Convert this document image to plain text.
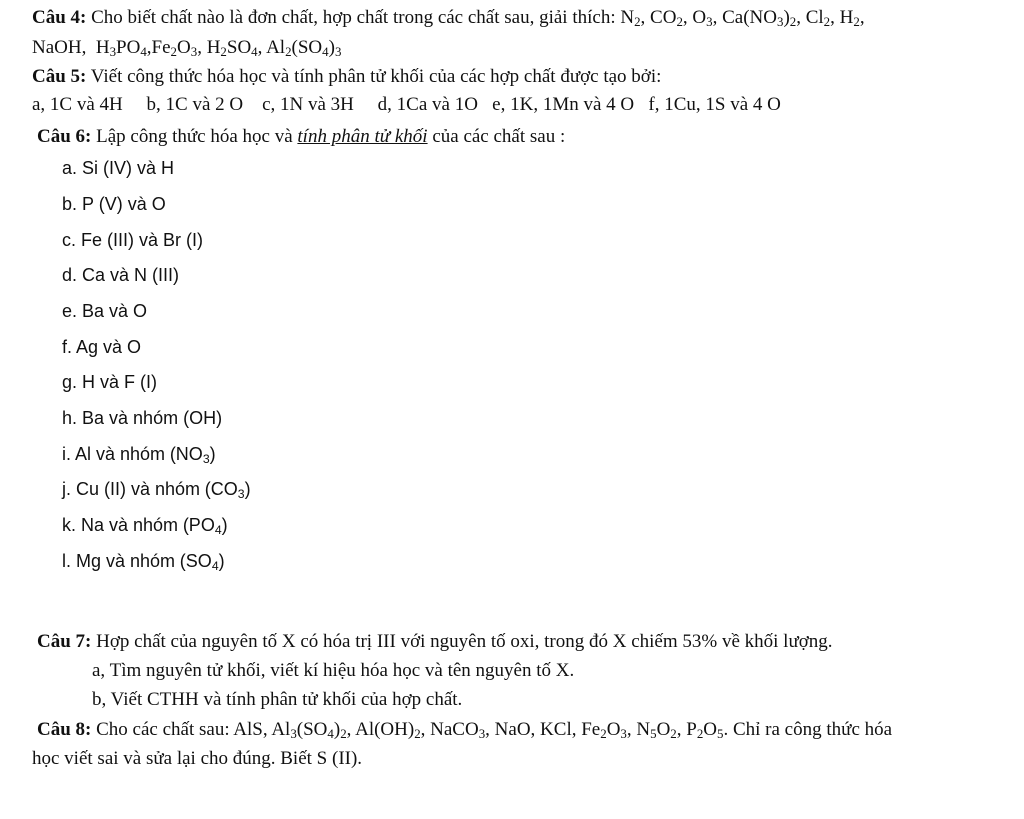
Câu 4: Cho biết chất nào là đơn chất, hợp chất trong các chất sau, giải thích: $N_2$, $CO_2$, $O_3$, $Ca(NO_3)_2$, $Cl_2$, $H_2$,
NaOH,  $H_3PO_4,Fe_2O_3$, $H_2SO_4$, $Al_2(SO_4)_3$
Câu 5: Viết công thức hóa học và tính phân tử khối của các hợp chất được tạo bởi:
a, 1C và 4H b, 1C và 2 O c, 1N và 3H d, 1Ca và 1O e, 1K, 1Mn và 4 O f, 1Cu, 1S và 4 O
Câu 6: Lập công thức hóa học và tính phân tử khối của các chất sau :
a. Si (IV) và H
b. P (V) và O
c. Fe (III) và Br (I)
d. Ca và N (III)
e. Ba và O
f. Ag và O
g. H và F (I)
h. Ba và nhóm (OH)
i. Al và nhóm $(NO_3)$
j. Cu (II) và nhóm $(CO_3)$
k. Na và nhóm $(PO_4)$
l. Mg và nhóm $(SO_4)$
Câu 7: Hợp chất của nguyên tố X có hóa trị III với nguyên tố oxi, trong đó X chiếm 53% về khối lượng.
a, Tìm nguyên tử khối, viết kí hiệu hóa học và tên nguyên tố X.
b, Viết CTHH và tính phân tử khối của hợp chất.
Câu 8: Cho các chất sau: AlS, $Al_3(SO_4)_2$, $Al(OH)_2$, NaCO$_3$, NaO, KCl, $Fe_2O_3$, $N_5O_2$, $P_2O_5$. Chỉ ra công thức hóa
học viết sai và sửa lại cho đúng. Biết S (II).
